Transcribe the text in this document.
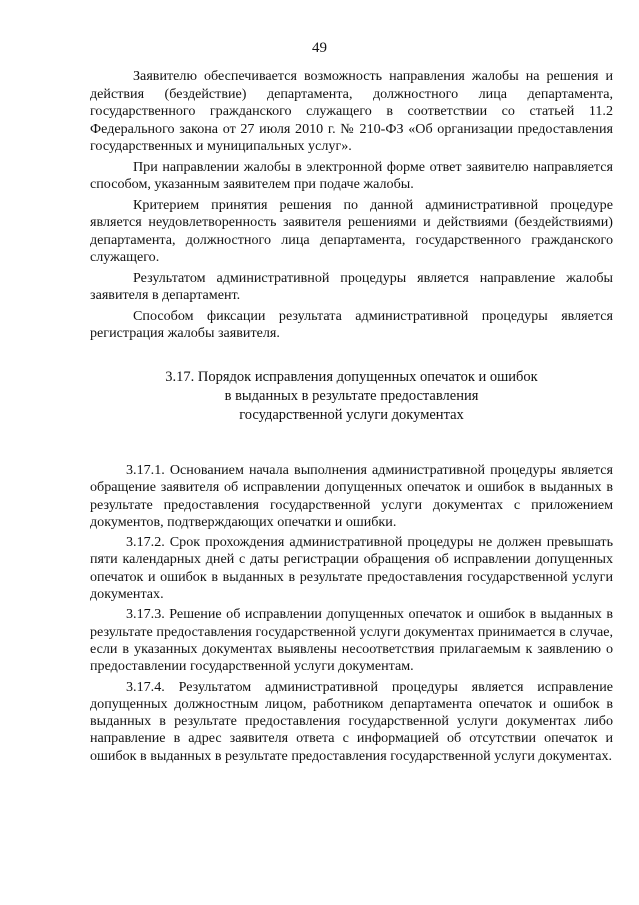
49

Заявителю обеспечивается возможность направления жалобы на решения и действия (бездействие) департамента, должностного лица департамента, государственного гражданского служащего в соответствии со статьей 11.2 Федерального закона от 27 июля 2010 г. № 210-ФЗ «Об организации предоставления государственных и муниципальных услуг».

При направлении жалобы в электронной форме ответ заявителю направляется способом, указанным заявителем при подаче жалобы.

Критерием принятия решения по данной административной процедуре является неудовлетворенность заявителя решениями и действиями (бездействиями) департамента, должностного лица департамента, государственного гражданского служащего.

Результатом административной процедуры является направление жалобы заявителя в департамент.

Способом фиксации результата административной процедуры является регистрация жалобы заявителя.

3.17. Порядок исправления допущенных опечаток и ошибок
в выданных в результате предоставления
государственной услуги документах

3.17.1. Основанием начала выполнения административной процедуры является обращение заявителя об исправлении допущенных опечаток и ошибок в выданных в результате предоставления государственной услуги документах с приложением документов, подтверждающих опечатки и ошибки.

3.17.2. Срок прохождения административной процедуры не должен превышать пяти календарных дней с даты регистрации обращения об исправлении допущенных опечаток и ошибок в выданных в результате предоставления государственной услуги документах.

3.17.3. Решение об исправлении допущенных опечаток и ошибок в выданных в результате предоставления государственной услуги документах принимается в случае, если в указанных документах выявлены несоответствия прилагаемым к заявлению о предоставлении государственной услуги документам.

3.17.4. Результатом административной процедуры является исправление допущенных должностным лицом, работником департамента опечаток и ошибок в выданных в результате предоставления государственной услуги документах либо направление в адрес заявителя ответа с информацией об отсутствии опечаток и ошибок в выданных в результате предоставления государственной услуги документах.
